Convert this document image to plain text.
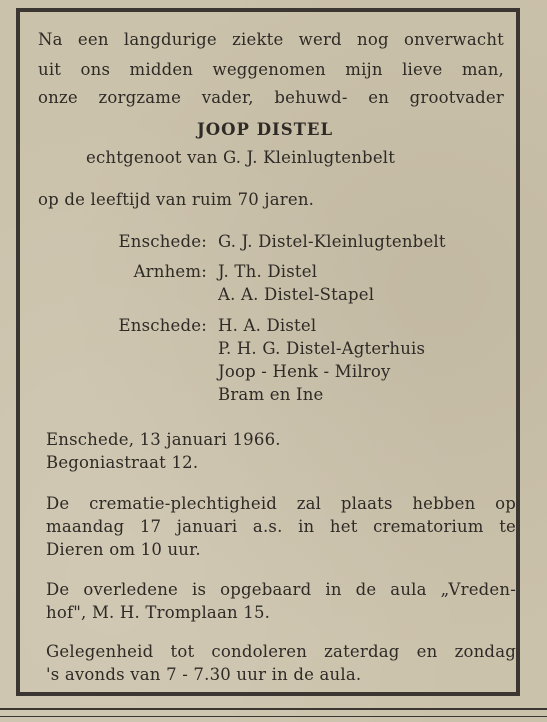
Na een langdurige ziekte werd nog onverwacht
uit ons midden weggenomen mijn lieve man,
onze zorgzame vader, behuwd- en grootvader
JOOP DISTEL
echtgenoot van G. J. Kleinlugtenbelt
op de leeftijd van ruim 70 jaren.
Enschede: G. J. Distel-Kleinlugtenbelt
Arnhem: J. Th. Distel
A. A. Distel-Stapel
Enschede: H. A. Distel
P. H. G. Distel-Agterhuis
Joop - Henk - Milroy
Bram en Ine
Enschede, 13 januari 1966.
Begoniastraat 12.
De crematie-plechtigheid zal plaats hebben op
maandag 17 januari a.s. in het crematorium te
Dieren om 10 uur.
De overledene is opgebaard in de aula „Vreden-
hof", M. H. Tromplaan 15.
Gelegenheid tot condoleren zaterdag en zondag
's avonds van 7 - 7.30 uur in de aula.
